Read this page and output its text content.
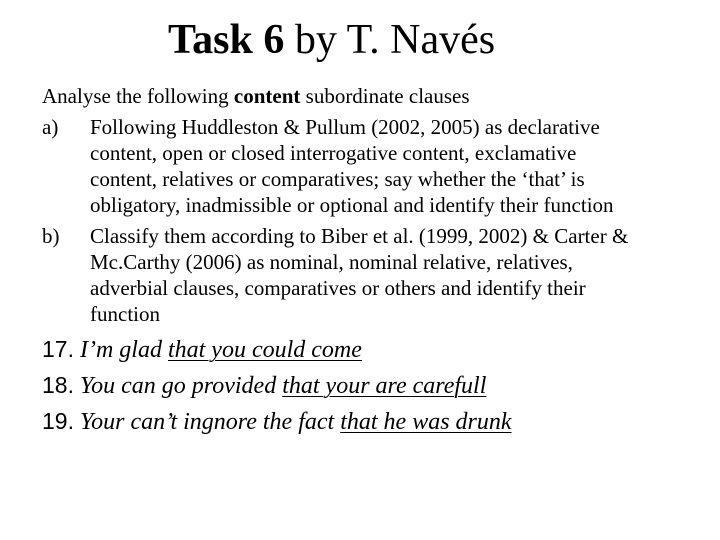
Task 6 by T. Navés
Analyse the following content subordinate clauses
a) Following Huddleston & Pullum (2002, 2005) as declarative
content, open or closed interrogative content, exclamative
content, relatives or comparatives; say whether the ‘that’ is
obligatory, inadmissible or optional and identify their function
b) Classify them according to Biber et al. (1999, 2002) & Carter &
Mc.Carthy (2006) as nominal, nominal relative, relatives,
adverbial clauses, comparatives or others and identify their
function
17. I’m glad that you could come
18. You can go provided that your are carefull
19. Your can’t ingnore the fact that he was drunk
